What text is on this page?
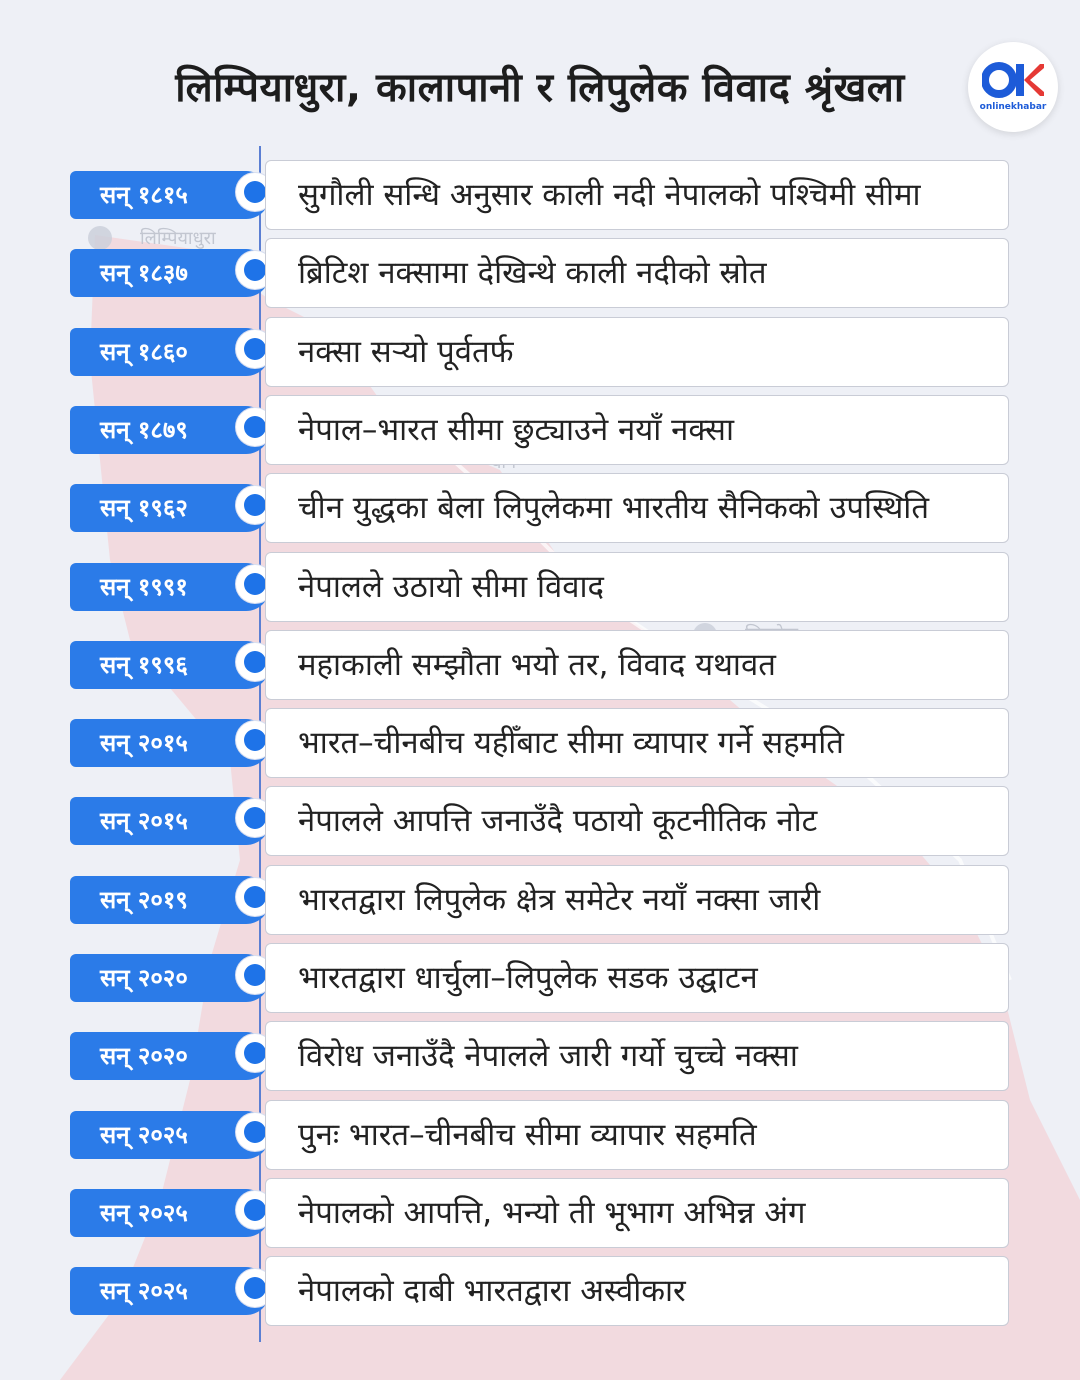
लिम्पियाधुरा
लिम्पियाधुरा, कालापानी र लिपुलेक विवाद श्रृंखला	onlinekhabar
सन् १८१५	सुगौली सन्धि अनुसार काली नदी नेपालको पश्चिमी सीमा
सन् १८३७	ब्रिटिश नक्सामा देखिन्थे काली नदीको स्रोत
सन् १८६०	नक्सा सऱ्यो पूर्वतर्फ
सन् १८७९	नेपाल–भारत सीमा छुट्याउने नयाँ नक्सा
सन् १९६२	चीन युद्धका बेला लिपुलेकमा भारतीय सैनिकको उपस्थिति
सन् १९९१	नेपालले उठायो सीमा विवाद
सन् १९९६	महाकाली सम्झौता भयो तर, विवाद यथावत
सन् २०१५	भारत–चीनबीच यहीँबाट सीमा व्यापार गर्ने सहमति
सन् २०१५	नेपालले आपत्ति जनाउँदै पठायो कूटनीतिक नोट
सन् २०१९	भारतद्वारा लिपुलेक क्षेत्र समेटेर नयाँ नक्सा जारी
सन् २०२०	भारतद्वारा धार्चुला–लिपुलेक सडक उद्घाटन
सन् २०२०	विरोध जनाउँदै नेपालले जारी गर्यो चुच्चे नक्सा
सन् २०२५	पुनः भारत–चीनबीच सीमा व्यापार सहमति
सन् २०२५	नेपालको आपत्ति, भन्यो ती भूभाग अभिन्न अंग
सन् २०२५	नेपालको दाबी भारतद्वारा अस्वीकार
